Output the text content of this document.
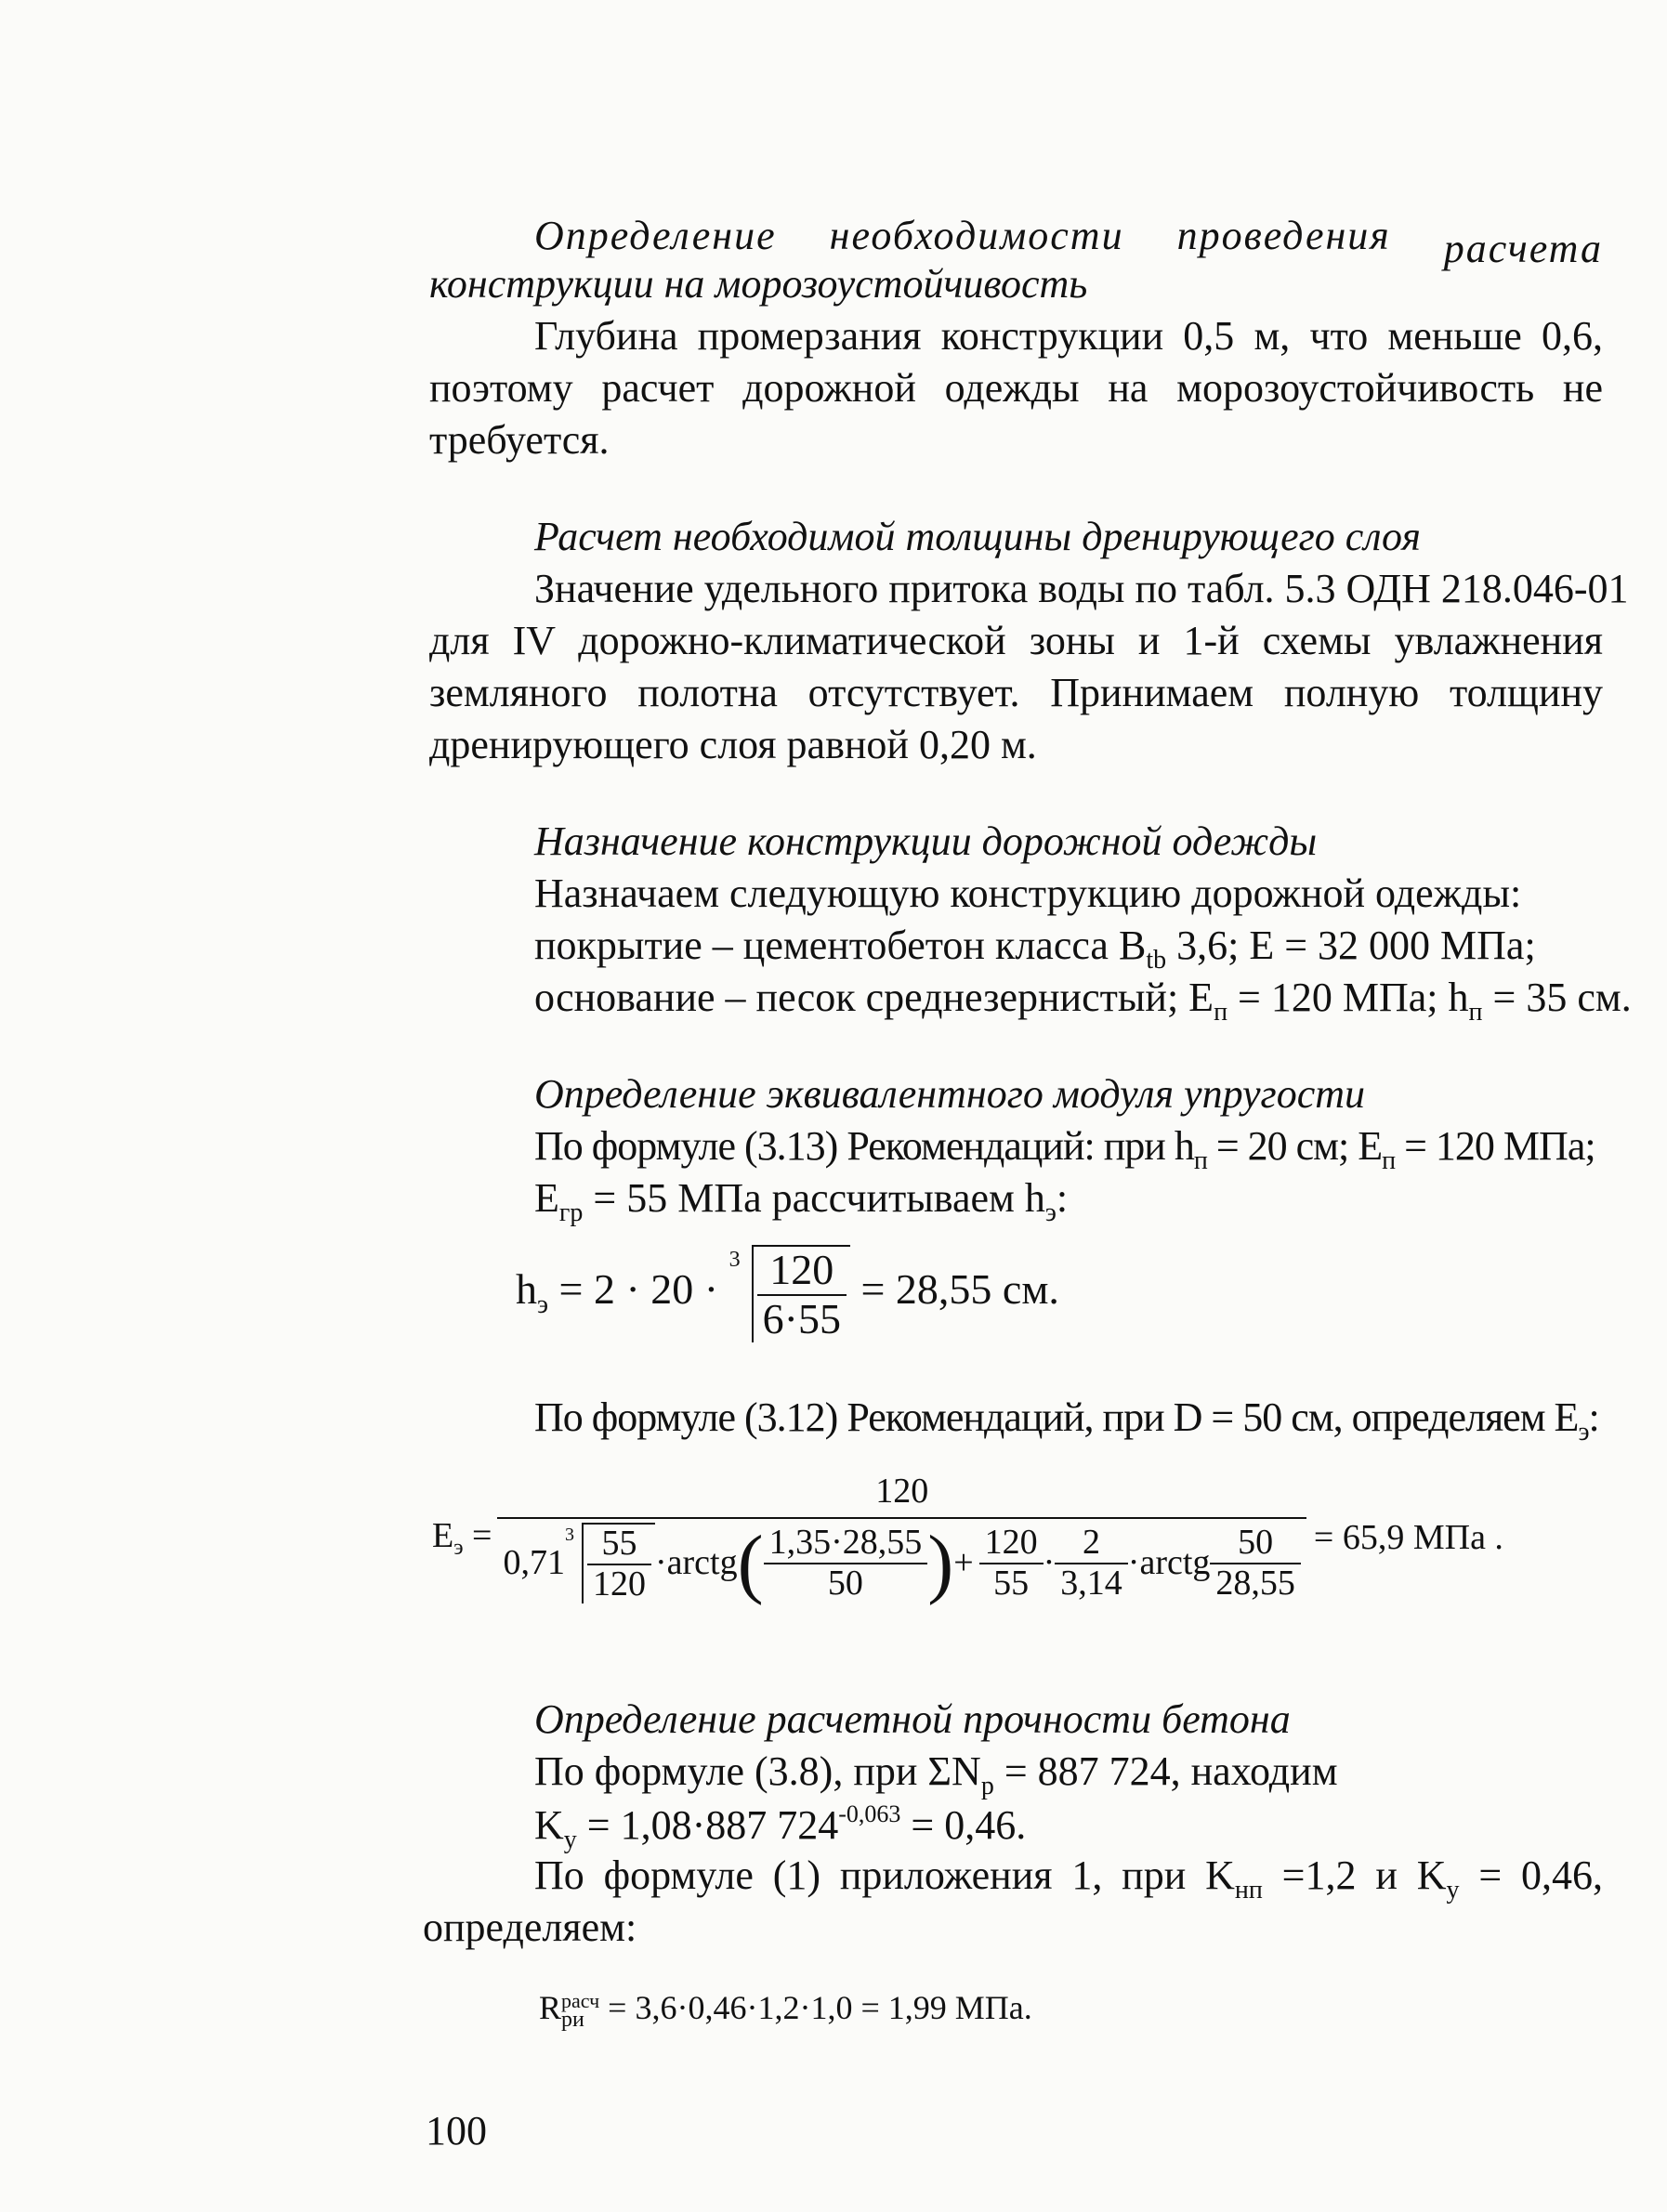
Определение необходимости проведения расчета
конструкции на морозоустойчивость
Глубина промерзания конструкции 0,5 м, что меньше 0,6,
поэтому расчет дорожной одежды на морозоустойчивость не
требуется.
Расчет необходимой толщины дренирующего слоя
Значение удельного притока воды по табл. 5.3 ОДН 218.046-01
для IV дорожно-климатической зоны и 1-й схемы увлажнения
земляного полотна отсутствует. Принимаем полную толщину
дренирующего слоя равной 0,20 м.
Назначение конструкции дорожной одежды
Назначаем следующую конструкцию дорожной одежды:
покрытие – цементобетон класса $B_{tb}$ 3,6; E = 32 000 МПа;
основание – песок среднезернистый; $E_п = 120$ МПа; $h_п = 35$ см.
Определение эквивалентного модуля упругости
По формуле (3.13) Рекомендаций: при $h_п = 20$ см; $E_п = 120$ МПа;
$E_{гр} = 55$ МПа рассчитываем $h_э$:
$h_э = 2 \cdot 20$ ·
$3 \frac{120}{6\cdot 55} = 28,55$ см.
По формуле (3.12) Рекомендаций, при D = 50 см, определяем $E_э$:
$E_э$ =
120
0,71
$3 \frac{55}{120}$ ·arctg ( $\frac{1,35\cdot 28,55}{50}$ ) + $\frac{120}{55} \cdot \frac{2}{3,14}$ ·arctg $\frac{50}{28,55} = 65,9$ МПа .
Определение расчетной прочности бетона
По формуле (3.8), при $\Sigma N_р = 887$ 724, находим
$K_у = 1,08\cdot 887$ $724^{-0,063} = 0,46$.
По формуле (1) приложения 1, при $K_{нп} =1,2$ и $K_у = 0,46$,
определяем:
R расч
ри = 3,6·0,46·1,2·1,0 = 1,99 МПа.
100
